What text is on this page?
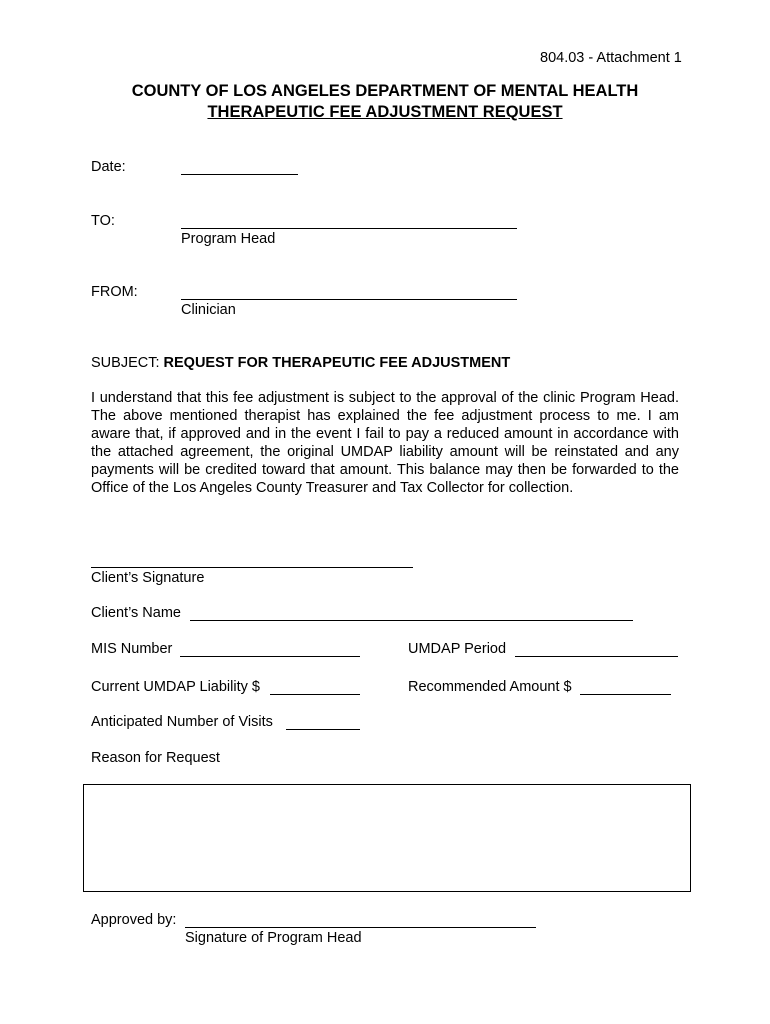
804.03 - Attachment 1
COUNTY OF LOS ANGELES DEPARTMENT OF MENTAL HEALTH
THERAPEUTIC FEE ADJUSTMENT REQUEST
Date:
TO:
Program Head
FROM:
Clinician
SUBJECT: REQUEST FOR THERAPEUTIC FEE ADJUSTMENT
I understand that this fee adjustment is subject to the approval of the clinic Program Head. The above mentioned therapist has explained the fee adjustment process to me. I am aware that, if approved and in the event I fail to pay a reduced amount in accordance with the attached agreement, the original UMDAP liability amount will be reinstated and any payments will be credited toward that amount. This balance may then be forwarded to the Office of the Los Angeles County Treasurer and Tax Collector for collection.
Client’s Signature
Client’s Name
MIS Number	UMDAP Period
Current UMDAP Liability $	Recommended Amount $
Anticipated Number of Visits
Reason for Request
Approved by:
Signature of Program Head
